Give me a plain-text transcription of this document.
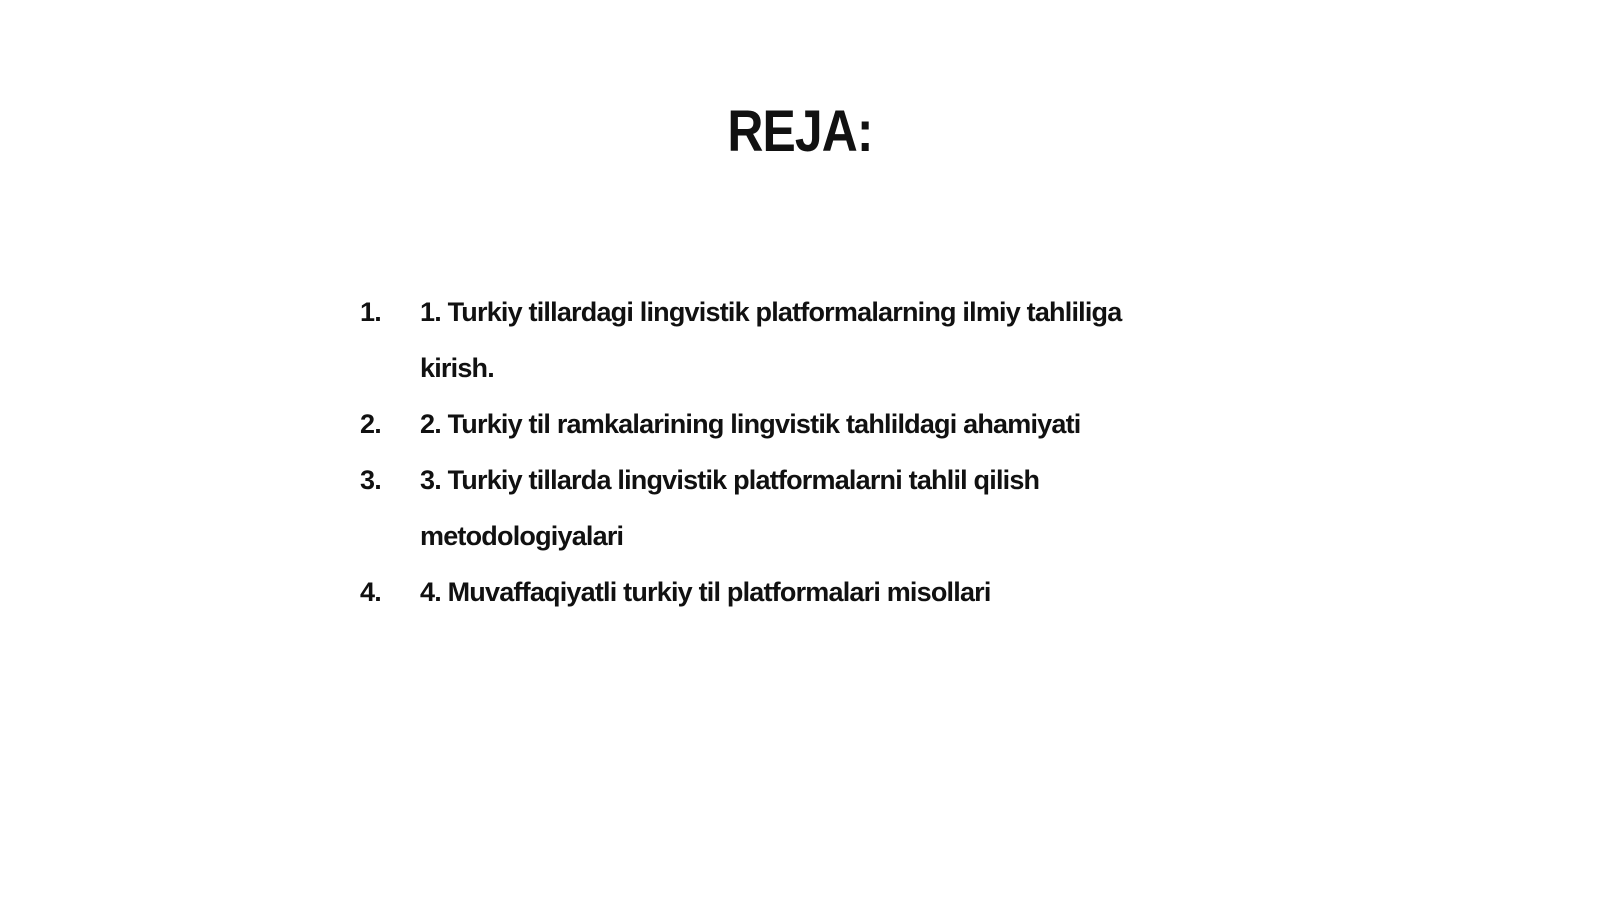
REJA:
1.	1. Turkiy tillardagi lingvistik platformalarning ilmiy tahliliga kirish.
2.	2. Turkiy til ramkalarining lingvistik tahlildagi ahamiyati
3.	3. Turkiy tillarda lingvistik platformalarni tahlil qilish metodologiyalari
4.	4. Muvaffaqiyatli turkiy til platformalari misollari
